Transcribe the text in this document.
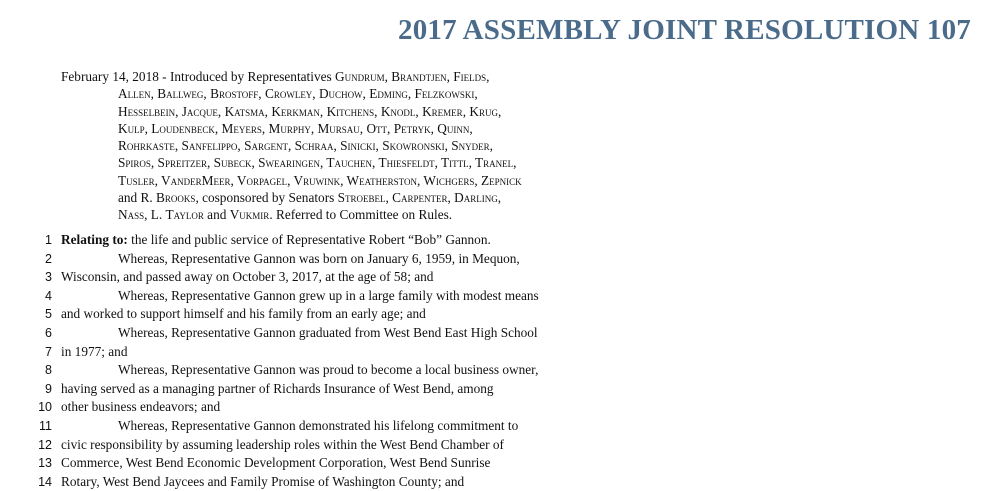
2017 ASSEMBLY JOINT RESOLUTION 107
February 14, 2018 - Introduced by Representatives Gundrum, Brandtjen, Fields,
Allen, Ballweg, Brostoff, Crowley, Duchow, Edming, Felzkowski,
Hesselbein, Jacque, Katsma, Kerkman, Kitchens, Knodl, Kremer, Krug,
Kulp, Loudenbeck, Meyers, Murphy, Mursau, Ott, Petryk, Quinn,
Rohrkaste, Sanfelippo, Sargent, Schraa, Sinicki, Skowronski, Snyder,
Spiros, Spreitzer, Subeck, Swearingen, Tauchen, Thiesfeldt, Tittl, Tranel,
Tusler, VanderMeer, Vorpagel, Vruwink, Weatherston, Wichgers, Zepnick
and R. Brooks, cosponsored by Senators Stroebel, Carpenter, Darling,
Nass, L. Taylor and Vukmir. Referred to Committee on Rules.
1 Relating to: the life and public service of Representative Robert “Bob” Gannon.
2	Whereas, Representative Gannon was born on January 6, 1959, in Mequon,
3 Wisconsin, and passed away on October 3, 2017, at the age of 58; and
4	Whereas, Representative Gannon grew up in a large family with modest means
5 and worked to support himself and his family from an early age; and
6	Whereas, Representative Gannon graduated from West Bend East High School
7 in 1977; and
8	Whereas, Representative Gannon was proud to become a local business owner,
9 having served as a managing partner of Richards Insurance of West Bend, among
10 other business endeavors; and
11	Whereas, Representative Gannon demonstrated his lifelong commitment to
12 civic responsibility by assuming leadership roles within the West Bend Chamber of
13 Commerce, West Bend Economic Development Corporation, West Bend Sunrise
14 Rotary, West Bend Jaycees and Family Promise of Washington County; and
